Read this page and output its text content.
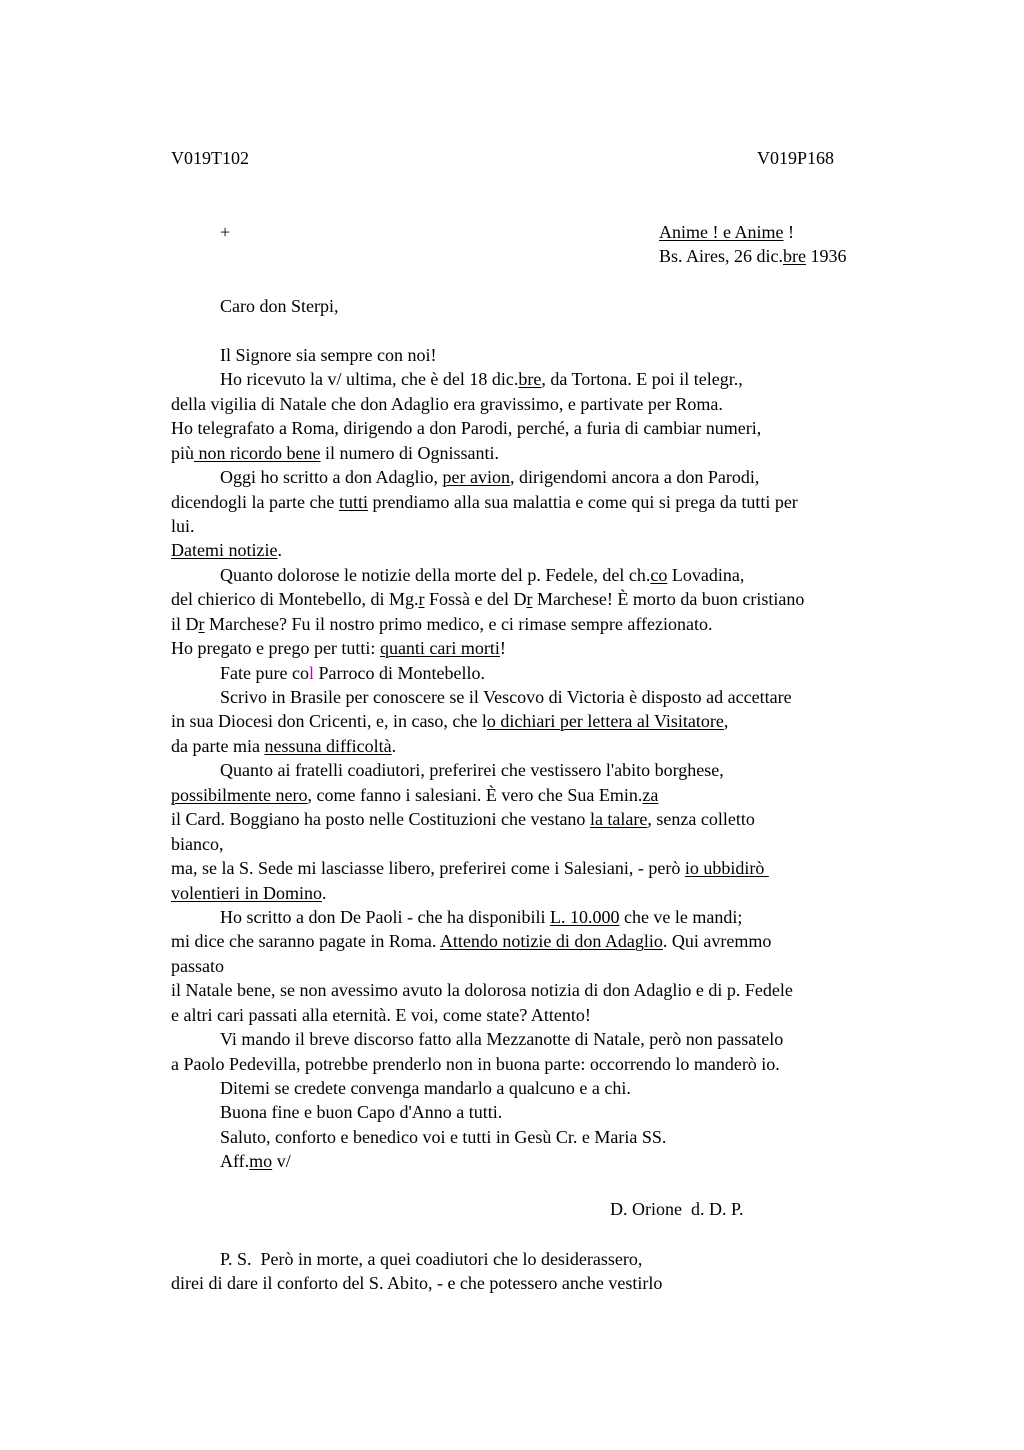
V019T102	V019P168
+	Anime ! e Anime !
Bs. Aires, 26 dic.bre 1936
Caro don Sterpi,
Il Signore sia sempre con noi!
Ho ricevuto la v/ ultima, che è del 18 dic.bre, da Tortona. E poi il telegr.,
della vigilia di Natale che don Adaglio era gravissimo, e partivate per Roma.
Ho telegrafato a Roma, dirigendo a don Parodi, perché, a furia di cambiar numeri,
più non ricordo bene il numero di Ognissanti.
Oggi ho scritto a don Adaglio, per avion, dirigendomi ancora a don Parodi,
dicendogli la parte che tutti prendiamo alla sua malattia e come qui si prega da tutti per
lui.
Datemi notizie.
Quanto dolorose le notizie della morte del p. Fedele, del ch.co Lovadina,
del chierico di Montebello, di Mg.r Fossà e del Dr Marchese! È morto da buon cristiano
il Dr Marchese? Fu il nostro primo medico, e ci rimase sempre affezionato.
Ho pregato e prego per tutti: quanti cari morti!
Fate pure col Parroco di Montebello.
Scrivo in Brasile per conoscere se il Vescovo di Victoria è disposto ad accettare
in sua Diocesi don Cricenti, e, in caso, che lo dichiari per lettera al Visitatore,
da parte mia nessuna difficoltà.
Quanto ai fratelli coadiutori, preferirei che vestissero l'abito borghese,
possibilmente nero, come fanno i salesiani. È vero che Sua Emin.za
il Card. Boggiano ha posto nelle Costituzioni che vestano la talare, senza colletto
bianco,
ma, se la S. Sede mi lasciasse libero, preferirei come i Salesiani, - però io ubbidirò
volentieri in Domino.
Ho scritto a don De Paoli - che ha disponibili L. 10.000 che ve le mandi;
mi dice che saranno pagate in Roma. Attendo notizie di don Adaglio. Qui avremmo
passato
il Natale bene, se non avessimo avuto la dolorosa notizia di don Adaglio e di p. Fedele
e altri cari passati alla eternità. E voi, come state? Attento!
Vi mando il breve discorso fatto alla Mezzanotte di Natale, però non passatelo
a Paolo Pedevilla, potrebbe prenderlo non in buona parte: occorrendo lo manderò io.
Ditemi se credete convenga mandarlo a qualcuno e a chi.
Buona fine e buon Capo d'Anno a tutti.
Saluto, conforto e benedico voi e tutti in Gesù Cr. e Maria SS.
Aff.mo v/
D. Orione  d. D. P.
P. S.  Però in morte, a quei coadiutori che lo desiderassero,
direi di dare il conforto del S. Abito, - e che potessero anche vestirlo
